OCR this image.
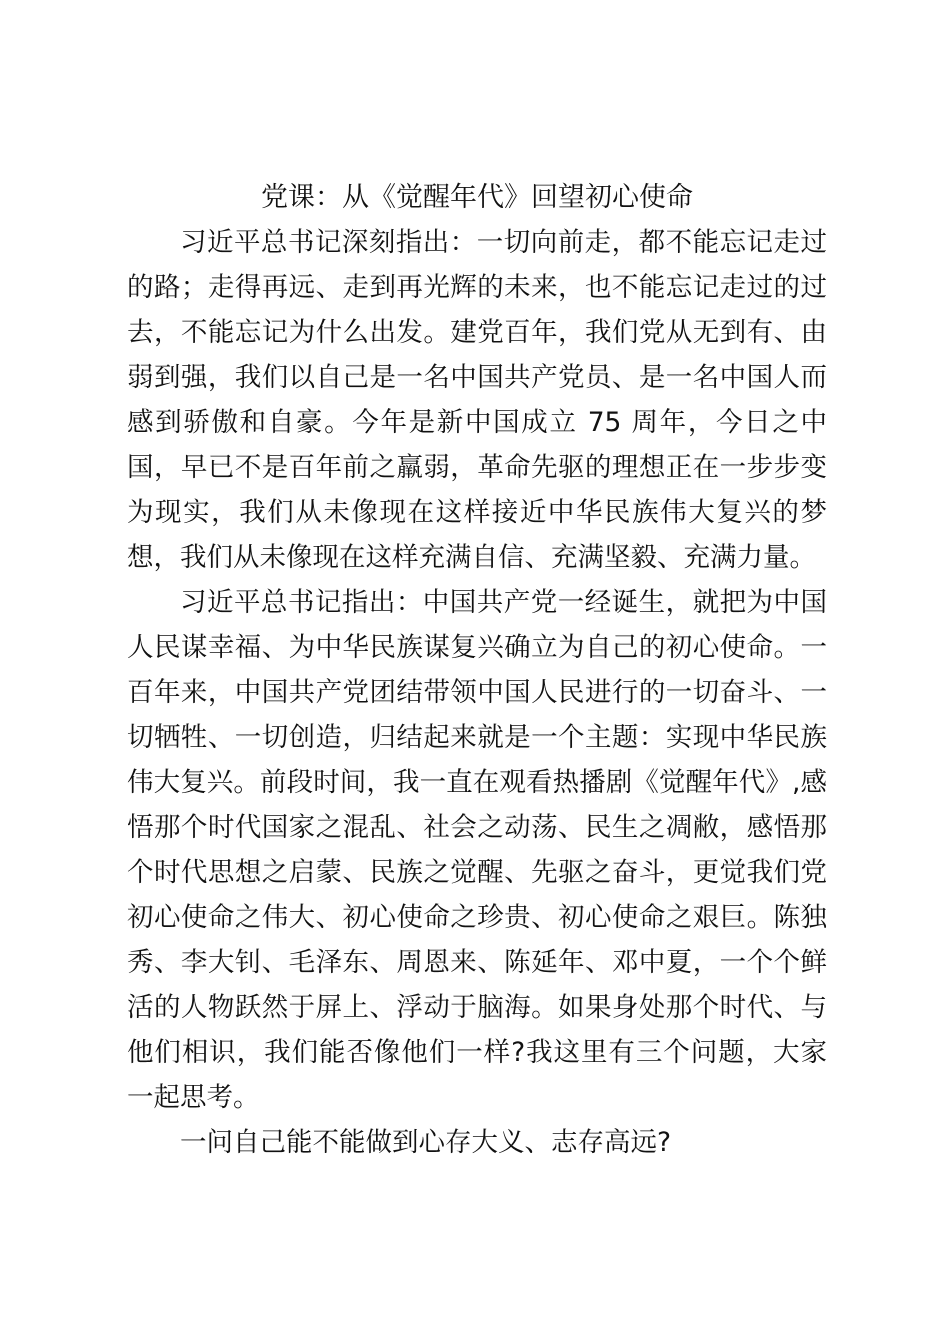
党课：从《觉醒年代》回望初心使命

习近平总书记深刻指出：一切向前走，都不能忘记走过的路；走得再远、走到再光辉的未来，也不能忘记走过的过去，不能忘记为什么出发。建党百年，我们党从无到有、由弱到强，我们以自己是一名中国共产党员、是一名中国人而感到骄傲和自豪。今年是新中国成立 75 周年，今日之中国，早已不是百年前之羸弱，革命先驱的理想正在一步步变为现实，我们从未像现在这样接近中华民族伟大复兴的梦想，我们从未像现在这样充满自信、充满坚毅、充满力量。

习近平总书记指出：中国共产党一经诞生，就把为中国人民谋幸福、为中华民族谋复兴确立为自己的初心使命。一百年来，中国共产党团结带领中国人民进行的一切奋斗、一切牺牲、一切创造，归结起来就是一个主题：实现中华民族伟大复兴。前段时间，我一直在观看热播剧《觉醒年代》,感悟那个时代国家之混乱、社会之动荡、民生之凋敝，感悟那个时代思想之启蒙、民族之觉醒、先驱之奋斗，更觉我们党初心使命之伟大、初心使命之珍贵、初心使命之艰巨。陈独秀、李大钊、毛泽东、周恩来、陈延年、邓中夏，一个个鲜活的人物跃然于屏上、浮动于脑海。如果身处那个时代、与他们相识，我们能否像他们一样?我这里有三个问题，大家一起思考。

一问自己能不能做到心存大义、志存高远?
